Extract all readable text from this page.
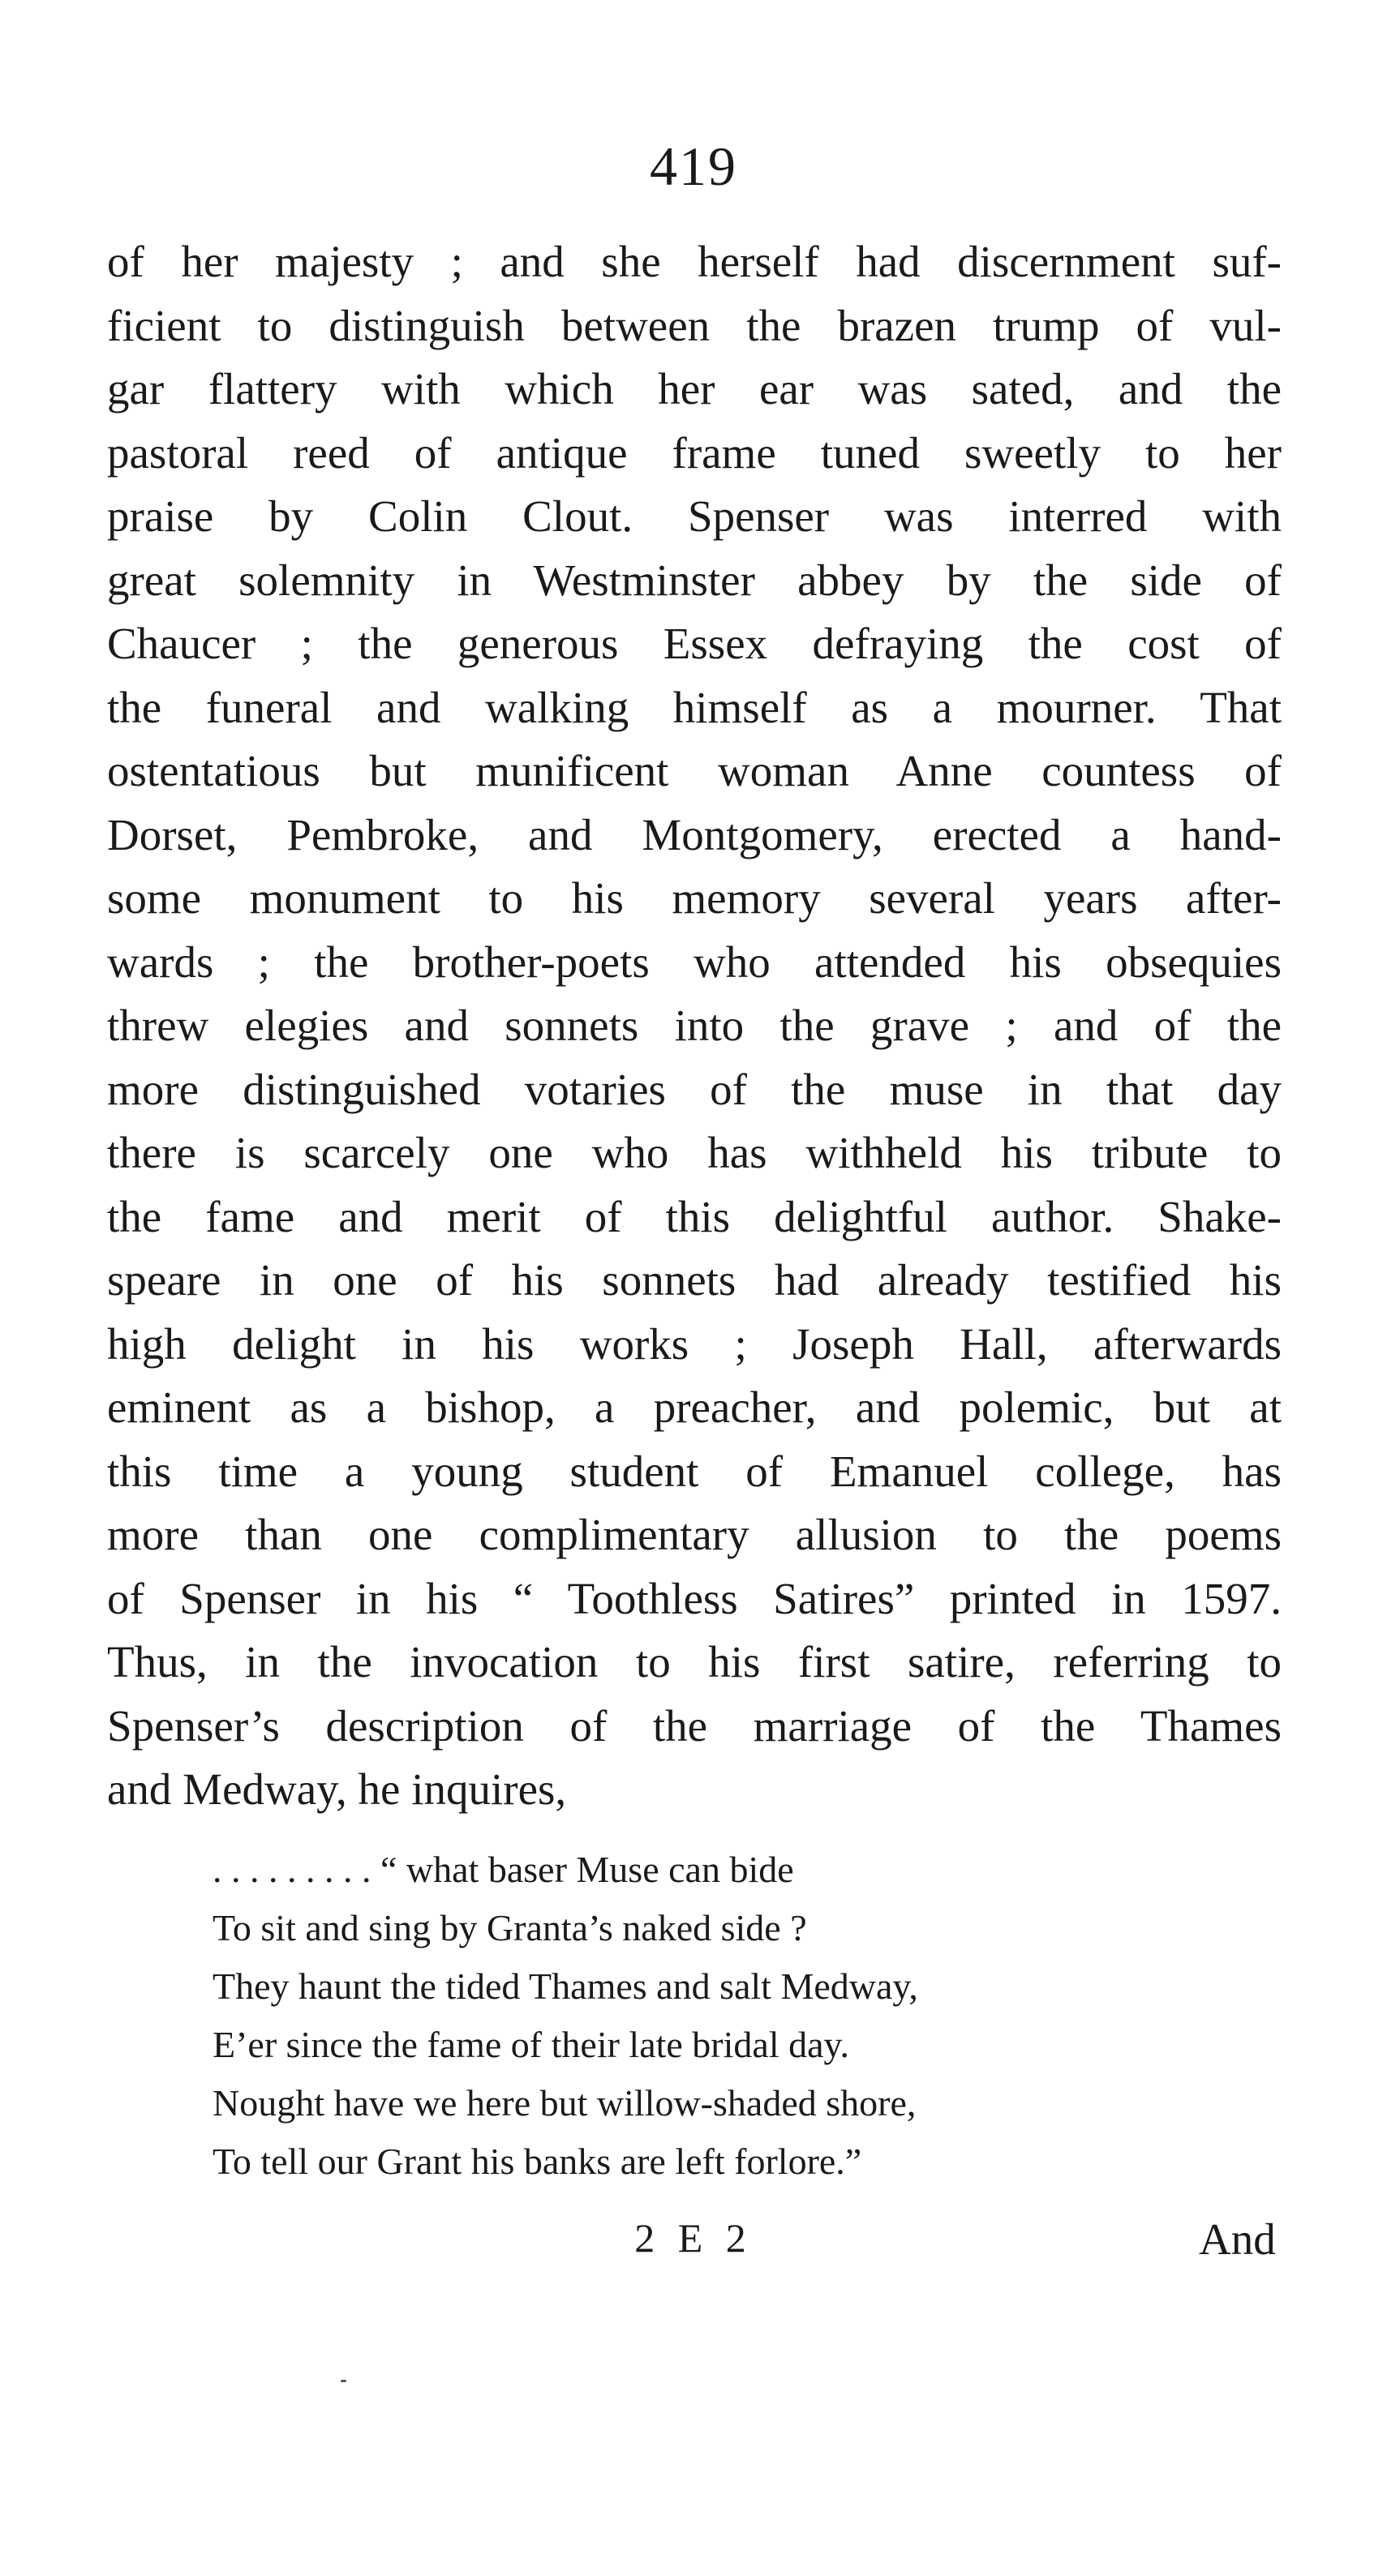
419
of her majesty ; and she herself had discernment suf-
ficient to distinguish between the brazen trump of vul-
gar flattery with which her ear was sated, and the
pastoral reed of antique frame tuned sweetly to her
praise by Colin Clout. Spenser was interred with
great solemnity in Westminster abbey by the side of
Chaucer ; the generous Essex defraying the cost of
the funeral and walking himself as a mourner. That
ostentatious but munificent woman Anne countess of
Dorset, Pembroke, and Montgomery, erected a hand-
some monument to his memory several years after-
wards ; the brother-poets who attended his obsequies
threw elegies and sonnets into the grave ; and of the
more distinguished votaries of the muse in that day
there is scarcely one who has withheld his tribute to
the fame and merit of this delightful author. Shake-
speare in one of his sonnets had already testified his
high delight in his works ; Joseph Hall, afterwards
eminent as a bishop, a preacher, and polemic, but at
this time a young student of Emanuel college, has
more than one complimentary allusion to the poems
of Spenser in his “ Toothless Satires” printed in 1597.
Thus, in the invocation to his first satire, referring to
Spenser’s description of the marriage of the Thames
and Medway, he inquires,
. . . . . . . . . “ what baser Muse can bide
To sit and sing by Granta’s naked side ?
They haunt the tided Thames and salt Medway,
E’er since the fame of their late bridal day.
Nought have we here but willow-shaded shore,
To tell our Grant his banks are left forlore.”
2 E 2	And
